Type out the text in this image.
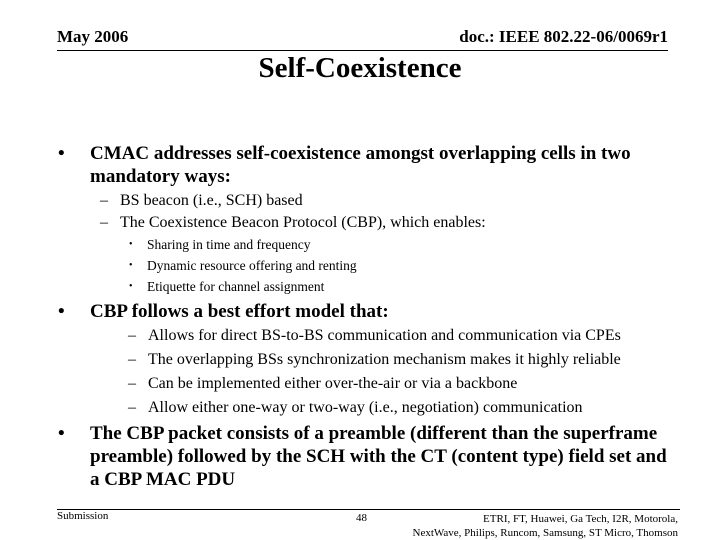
May 2006	doc.: IEEE 802.22-06/0069r1
Self-Coexistence
• CMAC addresses self-coexistence amongst overlapping cells in two mandatory ways:
– BS beacon (i.e., SCH) based
– The Coexistence Beacon Protocol (CBP), which enables:
• Sharing in time and frequency
• Dynamic resource offering and renting
• Etiquette for channel assignment
• CBP follows a best effort model that:
– Allows for direct BS-to-BS communication and communication via CPEs
– The overlapping BSs synchronization mechanism makes it highly reliable
– Can be implemented either over-the-air or via a backbone
– Allow either one-way or two-way (i.e., negotiation) communication
• The CBP packet consists of a preamble (different than the superframe preamble) followed by the SCH with the CT (content type) field set and a CBP MAC PDU
Submission	48	ETRI, FT, Huawei, Ga Tech, I2R, Motorola,
NextWave, Philips, Runcom, Samsung, ST Micro, Thomson
